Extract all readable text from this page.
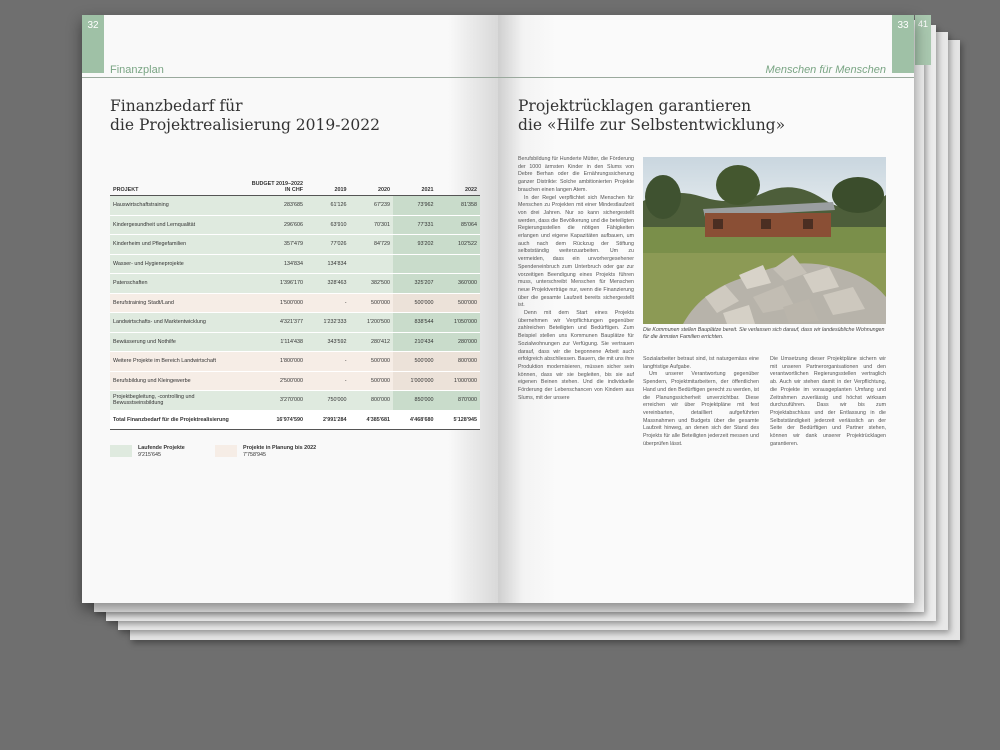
41
32
Finanzplan
Finanzbedarf für
die Projektrealisierung 2019-2022
PROJEKT	BUDGET 2019–2022 IN CHF	2019	2020	2021	2022
Hauswirtschaftstraining	283'685	61'126	67'239	73'962	81'358
Kindergesundheit und Lernqualität	296'606	63'910	70'301	77'331	85'064
Kinderheim und Pflegefamilien	357'479	77'026	84'729	93'202	102'522
Wasser- und Hygieneprojekte	134'834	134'834			
Patenschaften	1'396'170	328'463	382'500	325'207	360'000
Berufstraining Stadt/Land	1'500'000	-	500'000	500'000	500'000
Landwirtschafts- und Marktentwicklung	4'321'377	1'232'333	1'200'500	838'544	1'050'000
Bewässerung und Nothilfe	1'114'438	343'592	280'412	210'434	280'000
Weitere Projekte im Bereich Landwirtschaft	1'800'000	-	500'000	500'000	800'000
Berufsbildung und Kleingewerbe	2'500'000	-	500'000	1'000'000	1'000'000
Projektbegleitung, -controlling und Bewusstseinsbildung	3'270'000	750'000	800'000	850'000	870'000
Total Finanzbedarf für die Projektrealisierung	16'974'590	2'991'284	4'385'681	4'468'680	5'128'945
Laufende Projekte
9'215'645
Projekte in Planung bis 2022
7'758'945
33
Menschen für Menschen
Projektrücklagen garantieren
die «Hilfe zur Selbstentwicklung»

Berufsbildung für Hunderte Mütter, die Förderung der 1000 ärmsten Kinder in den Slums von Debre Berhan oder die Ernährungssicherung ganzer Distrikte: Solche ambitionierten Projekte brauchen einen langen Atem.

In der Regel verpflichtet sich Menschen für Menschen zu Projekten mit einer Mindestlaufzeit von drei Jahren. Nur so kann sichergestellt werden, dass die Bevölkerung und die beteiligten Regierungsstellen die nötigen Fähigkeiten erlangen und eigene Kapazitäten aufbauen, um auch nach dem Rückzug der Stiftung selbstständig weiterzuarbeiten. Um zu vermeiden, dass ein unvorhergesehener Spendeneinbruch zum Unterbruch oder gar zur vorzeitigen Beendigung eines Projekts führen muss, unterschreibt Menschen für Menschen neue Projektverträge nur, wenn die Finanzierung über die gesamte Laufzeit bereits sichergestellt ist.

Denn mit dem Start eines Projekts übernehmen wir Verpflichtungen gegenüber zahlreichen Beteiligten und Bedürftigen. Zum Beispiel stellen uns Kommunen Bauplätze für Sozialwohnungen zur Verfügung. Sie vertrauen darauf, dass wir die begonnene Arbeit auch erfolgreich abschliessen. Bauern, die mit uns ihre Produktion modernisieren, müssen sicher sein können, dass wir sie begleiten, bis sie auf eigenen Beinen stehen. Und die individuelle Förderung der Lebenschancen von Kindern aus Slums, mit der unsere

Die Kommunen stellen Bauplätze bereit. Sie verlassen sich darauf, dass wir landesübliche Wohnungen für die ärmsten Familien errichten.

Sozialarbeiter betraut sind, ist naturgemäss eine langfristige Aufgabe.

Um unserer Verantwortung gegenüber Spendern, Projektmitarbeitern, der öffentlichen Hand und den Bedürftigen gerecht zu werden, ist die Planungssicherheit unverzichtbar. Diese erreichen wir über Projektpläne mit fest vereinbarten, detailliert aufgeführten Massnahmen und Budgets über die gesamte Laufzeit hinweg, an denen sich der Stand des Projekts für alle Beteiligten jederzeit messen und überprüfen lässt.

Die Umsetzung dieser Projektpläne sichern wir mit unseren Partnerorganisationen und den verantwortlichen Regierungsstellen vertraglich ab. Auch wir stehen damit in der Verpflichtung, die Projekte im vorausgeplanten Umfang und Zeitrahmen zuverlässig und höchst wirksam durchzuführen. Dass wir bis zum Projektabschluss und der Entlassung in die Selbstständigkeit jederzeit verlässlich an der Seite der Bedürftigen und Partner stehen, können wir dank unserer Projektrücklagen garantieren.
